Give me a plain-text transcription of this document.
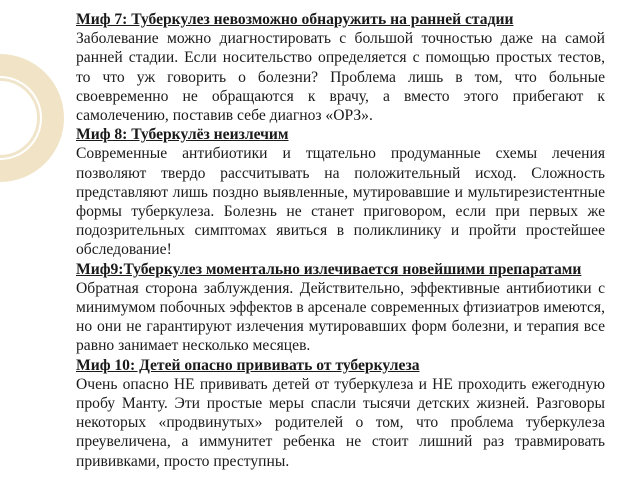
Миф 7: Туберкулез невозможно обнаружить на ранней стадии

Заболевание можно диагностировать с большой точностью даже на самой ранней стадии. Если носительство определяется с помощью простых тестов, то что уж говорить о болезни? Проблема лишь в том, что больные своевременно не обращаются к врачу, а вместо этого прибегают к самолечению, поставив себе диагноз «ОРЗ».

Миф 8: Туберкулёз неизлечим

Современные антибиотики и тщательно продуманные схемы лечения позволяют твердо рассчитывать на положительный исход. Сложность представляют лишь поздно выявленные, мутировавшие и мультирезистентные формы туберкулеза. Болезнь не станет приговором, если при первых же подозрительных симптомах явиться в поликлинику и пройти простейшее обследование!

Миф9:Туберкулез моментально излечивается новейшими препаратами

Обратная сторона заблуждения. Действительно, эффективные антибиотики с минимумом побочных эффектов в арсенале современных фтизиатров имеются, но они не гарантируют излечения мутировавших форм болезни, и терапия все равно занимает несколько месяцев.

Миф 10: Детей опасно прививать от туберкулеза

Очень опасно НЕ прививать детей от туберкулеза и НЕ проходить ежегодную пробу Манту. Эти простые меры спасли тысячи детских жизней. Разговоры некоторых «продвинутых» родителей о том, что проблема туберкулеза преувеличена, а иммунитет ребенка не стоит лишний раз травмировать прививками, просто преступны.
